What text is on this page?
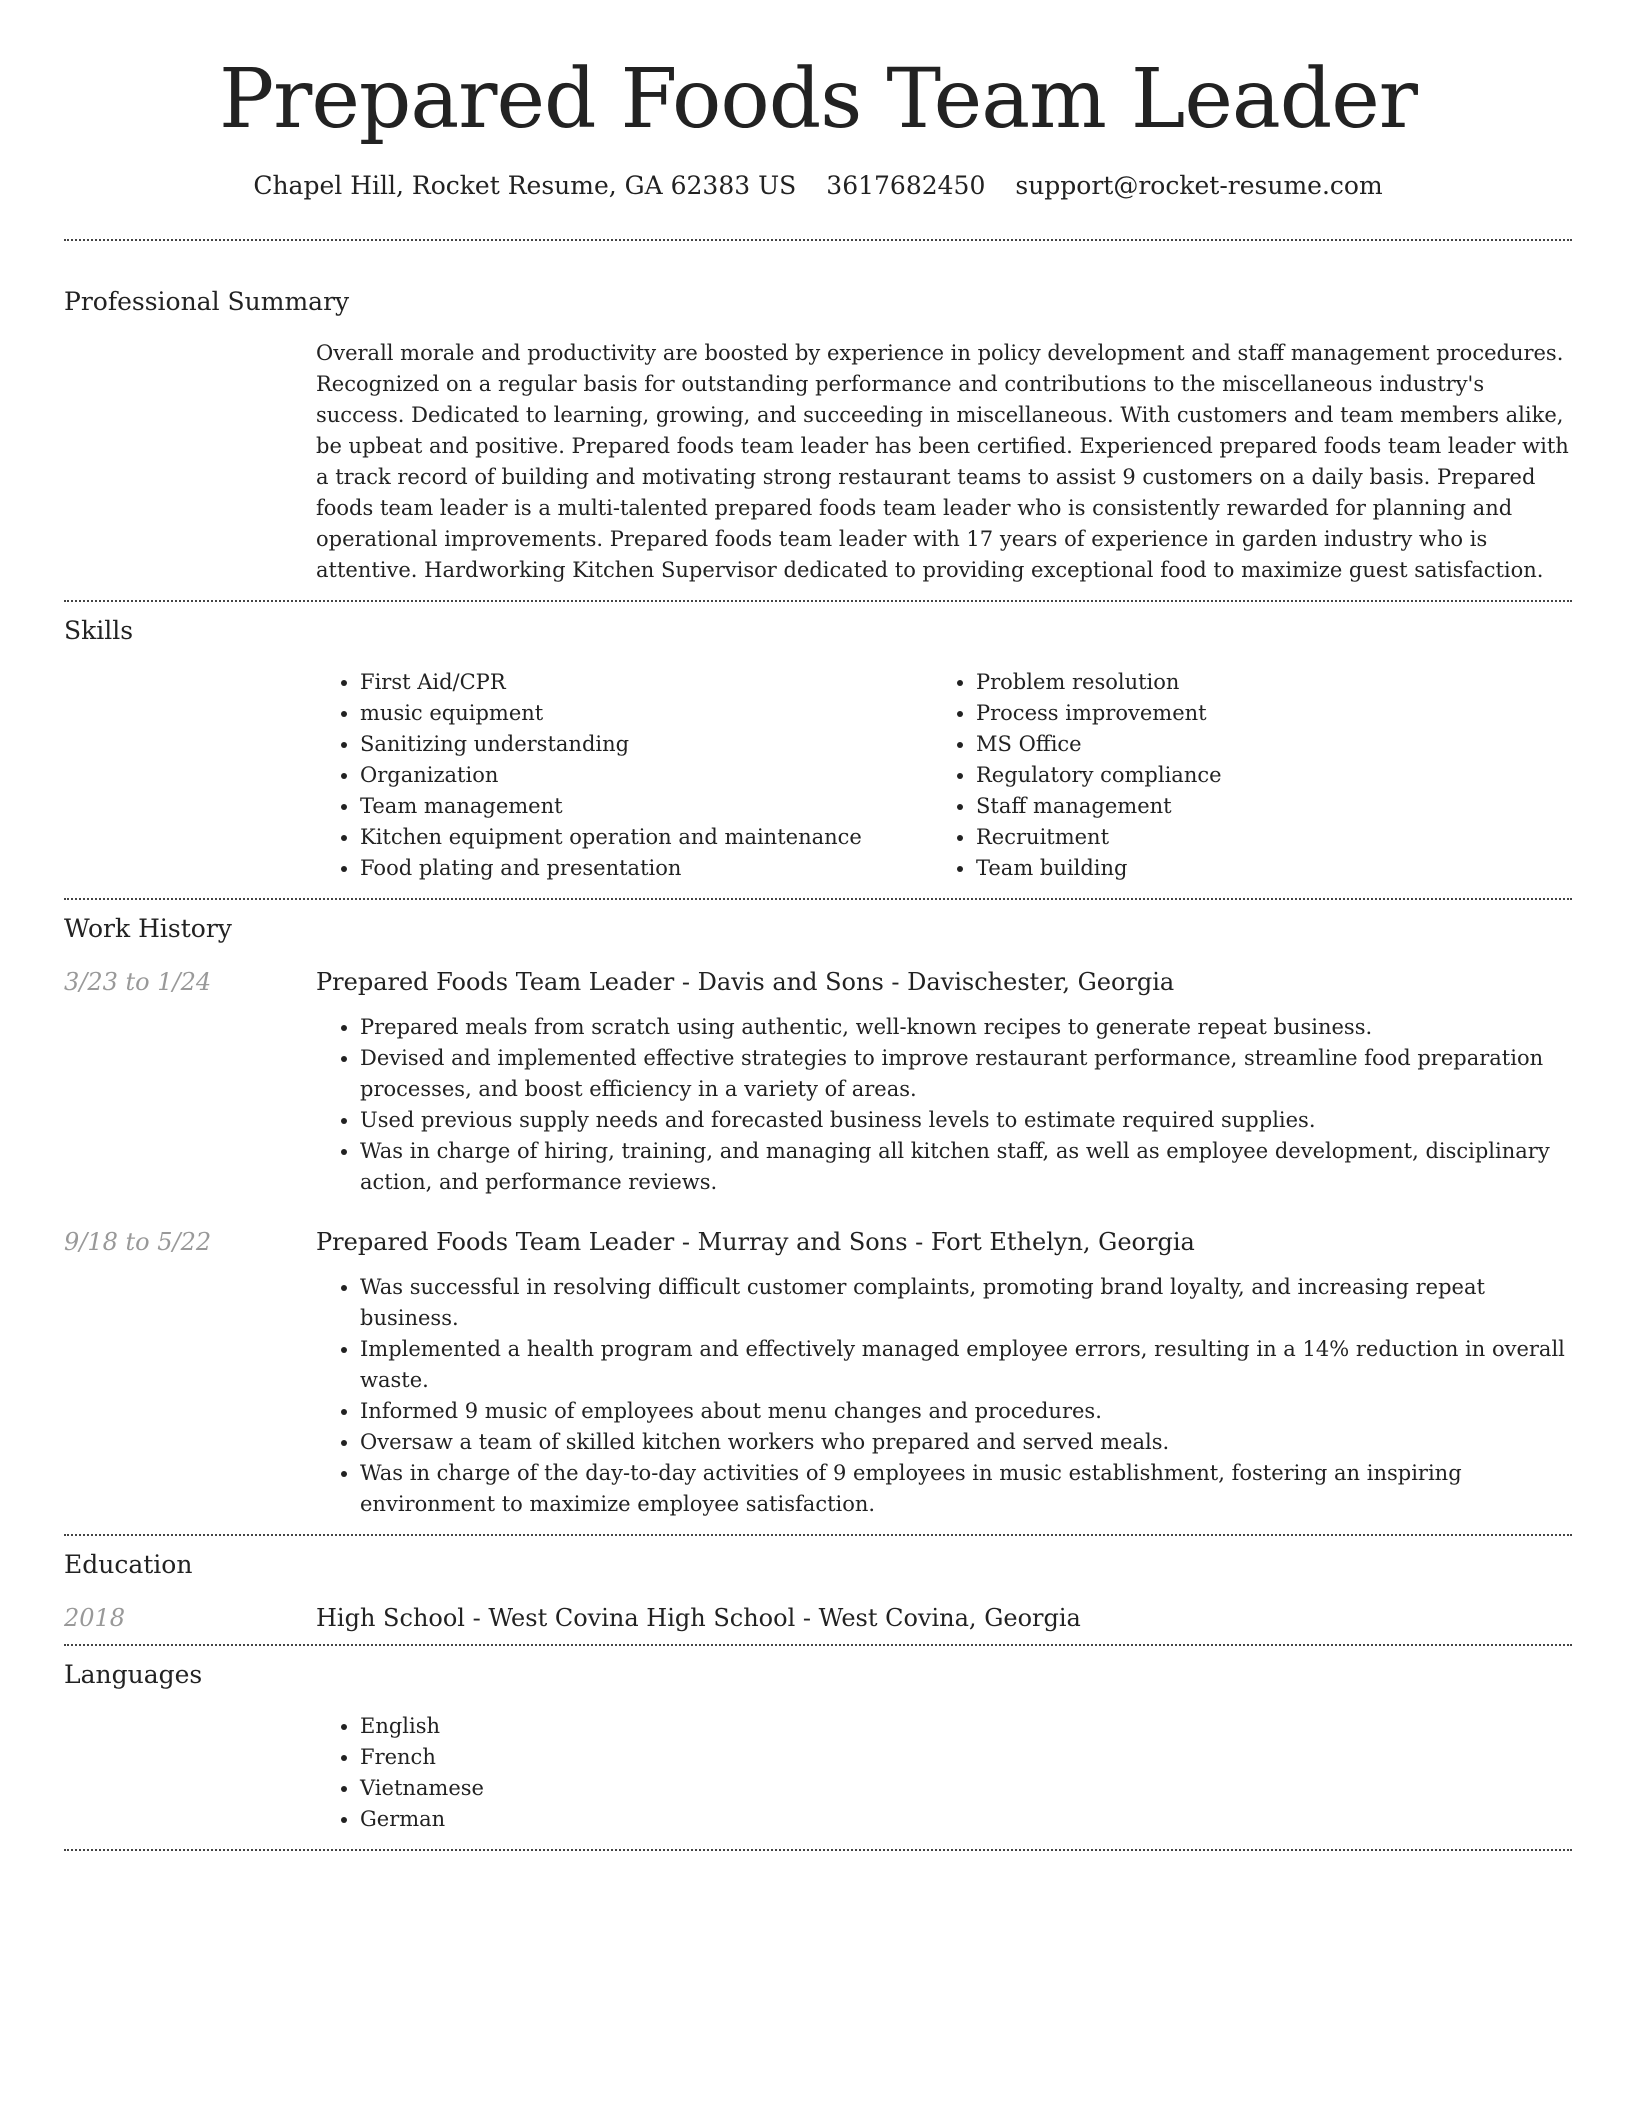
Prepared Foods Team Leader
Chapel Hill, Rocket Resume, GA 62383 US 3617682450 support@rocket-resume.com
Professional Summary
Overall morale and productivity are boosted by experience in policy development and staff management procedures. Recognized on a regular basis for outstanding performance and contributions to the miscellaneous industry's success. Dedicated to learning, growing, and succeeding in miscellaneous. With customers and team members alike, be upbeat and positive. Prepared foods team leader has been certified. Experienced prepared foods team leader with a track record of building and motivating strong restaurant teams to assist 9 customers on a daily basis. Prepared foods team leader is a multi-talented prepared foods team leader who is consistently rewarded for planning and operational improvements. Prepared foods team leader with 17 years of experience in garden industry who is attentive. Hardworking Kitchen Supervisor dedicated to providing exceptional food to maximize guest satisfaction.
Skills
• First Aid/CPR
• music equipment
• Sanitizing understanding
• Organization
• Team management
• Kitchen equipment operation and maintenance
• Food plating and presentation
• Problem resolution
• Process improvement
• MS Office
• Regulatory compliance
• Staff management
• Recruitment
• Team building
Work History
3/23 to 1/24	Prepared Foods Team Leader - Davis and Sons - Davischester, Georgia
• Prepared meals from scratch using authentic, well-known recipes to generate repeat business.
• Devised and implemented effective strategies to improve restaurant performance, streamline food preparation processes, and boost efficiency in a variety of areas.
• Used previous supply needs and forecasted business levels to estimate required supplies.
• Was in charge of hiring, training, and managing all kitchen staff, as well as employee development, disciplinary action, and performance reviews.
9/18 to 5/22	Prepared Foods Team Leader - Murray and Sons - Fort Ethelyn, Georgia
• Was successful in resolving difficult customer complaints, promoting brand loyalty, and increasing repeat business.
• Implemented a health program and effectively managed employee errors, resulting in a 14% reduction in overall waste.
• Informed 9 music of employees about menu changes and procedures.
• Oversaw a team of skilled kitchen workers who prepared and served meals.
• Was in charge of the day-to-day activities of 9 employees in music establishment, fostering an inspiring environment to maximize employee satisfaction.
Education
2018	High School - West Covina High School - West Covina, Georgia
Languages
• English
• French
• Vietnamese
• German
